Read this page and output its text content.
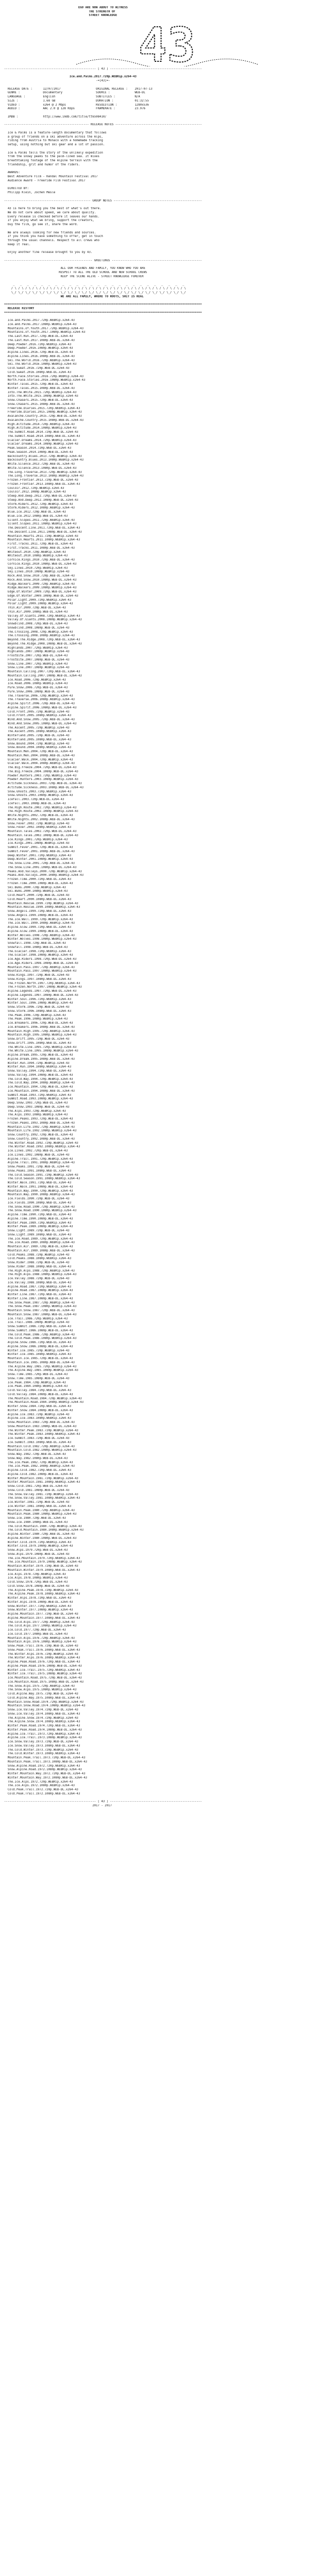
EGO ARE NOW ABOUT TO WITNESS
THE STRENGTH OF
STREET KNOWLEDGE
43
---------------------------------------------------- [ 43 ] ----------------------------------------------------
Ice.and.Palms.2017.720p.WEBRip.x264-43
-=[43]=-
RELEASE DATE :      12/07/2017                    ORIGINAL RELEASE :    2017-07-13
GENRE :             Documentary                   SOURCE :              WEB-DL
LANGUAGE :          English                       SUBTITLES :           N/A
SIZE :              1.68 GB                       DURATION :            01:32:55
VIDEO :             x264 @ 2 Mbps                 RESOLUTION :          1280x536
AUDIO :             AAC 2.0 @ 128 Kbps            FRAMERATE :           23.976
IMDB :              http://www.imdb.com/title/tt6598410/
------------------------------------------------ RELEASE NOTES -------------------------------------------------
Ice & Palms is a feature-length documentary that follows
a group of friends on a ski adventure across the Alps,
riding from Austria to Monaco with a homemade tracking
setup, using nothing but ski gear and a lot of passion.

Ice & Palms tells the story of the unlikely expedition
from the snowy peaks to the palm-lined sea. It mixes
breathtaking footage of the Alpine terrain with the
friendship, grit and humor of the riders.

AWARDS:
Best Adventure Film - Kendal Mountain Festival 2017
Audience Award - Freeride Film Festival 2017

DIRECTED BY:
Philipp Klein, Jochen Mesle
------------------------------------------------- GROUP NOTES --------------------------------------------------
43 is here to bring you the best of what's out there.
We do not care about speed, we care about quality.
Every release is checked before it leaves our hands.
If you enjoy what we bring, support the creators,
buy the film, go see it, share the word.

We are always looking for new friends and sources.
If you think you have something to offer, get in touch
through the usual channels. Respect to all crews who
keep it real.

Enjoy another fine release brought to you by 43.
-------------------------------------------------- GREETINGS ---------------------------------------------------
ALL OUR FRIENDS AND FAMILY, YOU KNOW WHO YOU ARE
RESPECT TO ALL THE OLD SCHOOL AND NEW SCHOOL CREWS
KEEP THE SCENE ALIVE - STREET KNOWLEDGE FOREVER
_   _   _   _   _   _   _   _   _   _   _   _   _   _   _   _   _   _   _   _   _   _   _   _   _
/ \ / \ / \ / \ / \ / \ / \ / \ / \ / \ / \ / \ / \ / \ / \ / \ / \ / \ / \ / \ / \ / \ / \ / \ / \
\_/ \_/ \_/ \_/ \_/ \_/ \_/ \_/ \_/ \_/ \_/ \_/ \_/ \_/ \_/ \_/ \_/ \_/ \_/ \_/ \_/ \_/ \_/ \_/ \_/
WE ARE ALL FAMILY, WHERE TO ROOTS, SHIT IS REAL
================================================================================================================
RELEASE HISTORY
================================================================================================================
Ice.and.Palms.2017.720p.WEBRip.x264-43
Ice.and.Palms.2017.1080p.WEBRip.x264-43
Mountains.of.Youth.2017.720p.WEBRip.x264-43
Mountains.of.Youth.2017.1080p.WEBRip.x264-43
The.Last.Run.2017.720p.WEB-DL.x264-43
The.Last.Run.2017.1080p.WEB-DL.x264-43
Deep.Powder.2016.720p.WEBRip.x264-43
Deep.Powder.2016.1080p.WEBRip.x264-43
Alpine.Lines.2016.720p.WEB-DL.x264-43
Alpine.Lines.2016.1080p.WEB-DL.x264-43
Ski.The.World.2016.720p.WEBRip.x264-43
Ski.The.World.2016.1080p.WEBRip.x264-43
Cold.Sweat.2016.720p.WEB-DL.x264-43
Cold.Sweat.2016.1080p.WEB-DL.x264-43
North.Face.Stories.2016.720p.WEBRip.x264-43
North.Face.Stories.2016.1080p.WEBRip.x264-43
Winter.Tales.2015.720p.WEB-DL.x264-43
Winter.Tales.2015.1080p.WEB-DL.x264-43
Into.The.White.2015.720p.WEBRip.x264-43
Into.The.White.2015.1080p.WEBRip.x264-43
Snow.Chasers.2015.720p.WEB-DL.x264-43
Snow.Chasers.2015.1080p.WEB-DL.x264-43
Freeride.Diaries.2015.720p.WEBRip.x264-43
Freeride.Diaries.2015.1080p.WEBRip.x264-43
Avalanche.Country.2015.720p.WEB-DL.x264-43
Avalanche.Country.2015.1080p.WEB-DL.x264-43
High.Altitude.2014.720p.WEBRip.x264-43
High.Altitude.2014.1080p.WEBRip.x264-43
The.Summit.Road.2014.720p.WEB-DL.x264-43
The.Summit.Road.2014.1080p.WEB-DL.x264-43
Glacier.Dreams.2014.720p.WEBRip.x264-43
Glacier.Dreams.2014.1080p.WEBRip.x264-43
Peak.Season.2014.720p.WEB-DL.x264-43
Peak.Season.2014.1080p.WEB-DL.x264-43
Backcountry.Blues.2013.720p.WEBRip.x264-43
Backcountry.Blues.2013.1080p.WEBRip.x264-43
White.Silence.2013.720p.WEB-DL.x264-43
White.Silence.2013.1080p.WEB-DL.x264-43
The.Long.Traverse.2013.720p.WEBRip.x264-43
The.Long.Traverse.2013.1080p.WEBRip.x264-43
Frozen.Frontier.2013.720p.WEB-DL.x264-43
Frozen.Frontier.2013.1080p.WEB-DL.x264-43
Couloir.2012.720p.WEBRip.x264-43
Couloir.2012.1080p.WEBRip.x264-43
Steep.And.Deep.2012.720p.WEB-DL.x264-43
Steep.And.Deep.2012.1080p.WEB-DL.x264-43
Storm.Riders.2012.720p.WEBRip.x264-43
Storm.Riders.2012.1080p.WEBRip.x264-43
Blue.Ice.2012.720p.WEB-DL.x264-43
Blue.Ice.2012.1080p.WEB-DL.x264-43
Silent.Slopes.2011.720p.WEBRip.x264-43
Silent.Slopes.2011.1080p.WEBRip.x264-43
The.Descent.Line.2011.720p.WEB-DL.x264-43
The.Descent.Line.2011.1080p.WEB-DL.x264-43
Mountain.Hearts.2011.720p.WEBRip.x264-43
Mountain.Hearts.2011.1080p.WEBRip.x264-43
First.Tracks.2011.720p.WEB-DL.x264-43
First.Tracks.2011.1080p.WEB-DL.x264-43
Whiteout.2010.720p.WEBRip.x264-43
Whiteout.2010.1080p.WEBRip.x264-43
Cornice.Kings.2010.720p.WEB-DL.x264-43
Cornice.Kings.2010.1080p.WEB-DL.x264-43
Sky.Lines.2010.720p.WEBRip.x264-43
Sky.Lines.2010.1080p.WEBRip.x264-43
Rock.And.Snow.2010.720p.WEB-DL.x264-43
Rock.And.Snow.2010.1080p.WEB-DL.x264-43
Ridge.Walkers.2009.720p.WEBRip.x264-43
Ridge.Walkers.2009.1080p.WEBRip.x264-43
Edge.Of.Winter.2009.720p.WEB-DL.x264-43
Edge.Of.Winter.2009.1080p.WEB-DL.x264-43
Polar.Light.2009.720p.WEBRip.x264-43
Polar.Light.2009.1080p.WEBRip.x264-43
Thin.Air.2009.720p.WEB-DL.x264-43
Thin.Air.2009.1080p.WEB-DL.x264-43
Valley.Of.Giants.2008.720p.WEBRip.x264-43
Valley.Of.Giants.2008.1080p.WEBRip.x264-43
Snowblind.2008.720p.WEB-DL.x264-43
Snowblind.2008.1080p.WEB-DL.x264-43
The.Crossing.2008.720p.WEBRip.x264-43
The.Crossing.2008.1080p.WEBRip.x264-43
Beyond.The.Ridge.2008.720p.WEB-DL.x264-43
Beyond.The.Ridge.2008.1080p.WEB-DL.x264-43
Highlands.2007.720p.WEBRip.x264-43
Highlands.2007.1080p.WEBRip.x264-43
Frostbite.2007.720p.WEB-DL.x264-43
Frostbite.2007.1080p.WEB-DL.x264-43
Snow.Line.2007.720p.WEBRip.x264-43
Snow.Line.2007.1080p.WEBRip.x264-43
Mountain.Calling.2007.720p.WEB-DL.x264-43
Mountain.Calling.2007.1080p.WEB-DL.x264-43
Ice.Road.2006.720p.WEBRip.x264-43
Ice.Road.2006.1080p.WEBRip.x264-43
Pure.Snow.2006.720p.WEB-DL.x264-43
Pure.Snow.2006.1080p.WEB-DL.x264-43
The.Traverse.2006.720p.WEBRip.x264-43
The.Traverse.2006.1080p.WEBRip.x264-43
Alpine.Spirit.2006.720p.WEB-DL.x264-43
Alpine.Spirit.2006.1080p.WEB-DL.x264-43
Cold.Front.2005.720p.WEBRip.x264-43
Cold.Front.2005.1080p.WEBRip.x264-43
Wind.And.Snow.2005.720p.WEB-DL.x264-43
Wind.And.Snow.2005.1080p.WEB-DL.x264-43
The.Ascent.2005.720p.WEBRip.x264-43
The.Ascent.2005.1080p.WEBRip.x264-43
Winterland.2005.720p.WEB-DL.x264-43
Winterland.2005.1080p.WEB-DL.x264-43
Snow.Bound.2004.720p.WEBRip.x264-43
Snow.Bound.2004.1080p.WEBRip.x264-43
Mountain.Men.2004.720p.WEB-DL.x264-43
Mountain.Men.2004.1080p.WEB-DL.x264-43
Glacier.Walk.2004.720p.WEBRip.x264-43
Glacier.Walk.2004.1080p.WEBRip.x264-43
The.Big.Freeze.2004.720p.WEB-DL.x264-43
The.Big.Freeze.2004.1080p.WEB-DL.x264-43
Powder.Hunters.2003.720p.WEBRip.x264-43
Powder.Hunters.2003.1080p.WEBRip.x264-43
Altitude.Sickness.2003.720p.WEB-DL.x264-43
Altitude.Sickness.2003.1080p.WEB-DL.x264-43
Snow.Ghosts.2003.720p.WEBRip.x264-43
Snow.Ghosts.2003.1080p.WEBRip.x264-43
Icefall.2003.720p.WEB-DL.x264-43
Icefall.2003.1080p.WEB-DL.x264-43
The.High.Route.2002.720p.WEBRip.x264-43
The.High.Route.2002.1080p.WEBRip.x264-43
White.Nights.2002.720p.WEB-DL.x264-43
White.Nights.2002.1080p.WEB-DL.x264-43
Snow.Fever.2002.720p.WEBRip.x264-43
Snow.Fever.2002.1080p.WEBRip.x264-43
Mountain.Tales.2002.720p.WEB-DL.x264-43
Mountain.Tales.2002.1080p.WEB-DL.x264-43
Ice.Kings.2001.720p.WEBRip.x264-43
Ice.Kings.2001.1080p.WEBRip.x264-43
Summit.Fever.2001.720p.WEB-DL.x264-43
Summit.Fever.2001.1080p.WEB-DL.x264-43
Deep.Winter.2001.720p.WEBRip.x264-43
Deep.Winter.2001.1080p.WEBRip.x264-43
The.Snow.Line.2001.720p.WEB-DL.x264-43
The.Snow.Line.2001.1080p.WEB-DL.x264-43
Peaks.And.Valleys.2000.720p.WEBRip.x264-43
Peaks.And.Valleys.2000.1080p.WEBRip.x264-43
Frozen.Time.2000.720p.WEB-DL.x264-43
Frozen.Time.2000.1080p.WEB-DL.x264-43
Ski.Bums.2000.720p.WEBRip.x264-43
Ski.Bums.2000.1080p.WEBRip.x264-43
Cold.Heart.2000.720p.WEB-DL.x264-43
Cold.Heart.2000.1080p.WEB-DL.x264-43
Mountain.Rescue.1999.720p.WEBRip.x264-43
Mountain.Rescue.1999.1080p.WEBRip.x264-43
Snow.Angels.1999.720p.WEB-DL.x264-43
Snow.Angels.1999.1080p.WEB-DL.x264-43
The.Ice.Wall.1999.720p.WEBRip.x264-43
The.Ice.Wall.1999.1080p.WEBRip.x264-43
Alpine.Glow.1999.720p.WEB-DL.x264-43
Alpine.Glow.1999.1080p.WEB-DL.x264-43
Winter.Wolves.1998.720p.WEBRip.x264-43
Winter.Wolves.1998.1080p.WEBRip.x264-43
Snowfall.1998.720p.WEB-DL.x264-43
Snowfall.1998.1080p.WEB-DL.x264-43
The.Glacier.1998.720p.WEBRip.x264-43
The.Glacier.1998.1080p.WEBRip.x264-43
Ice.Age.Riders.1998.720p.WEB-DL.x264-43
Ice.Age.Riders.1998.1080p.WEB-DL.x264-43
Mountain.Pass.1997.720p.WEBRip.x264-43
Mountain.Pass.1997.1080p.WEBRip.x264-43
Snow.Kings.1997.720p.WEB-DL.x264-43
Snow.Kings.1997.1080p.WEB-DL.x264-43
The.Frozen.North.1997.720p.WEBRip.x264-43
The.Frozen.North.1997.1080p.WEBRip.x264-43
Alpine.Legends.1997.720p.WEB-DL.x264-43
Alpine.Legends.1997.1080p.WEB-DL.x264-43
Winter.Soul.1996.720p.WEBRip.x264-43
Winter.Soul.1996.1080p.WEBRip.x264-43
Snow.Storm.1996.720p.WEB-DL.x264-43
Snow.Storm.1996.1080p.WEB-DL.x264-43
The.Peak.1996.720p.WEBRip.x264-43
The.Peak.1996.1080p.WEBRip.x264-43
Ice.Breakers.1996.720p.WEB-DL.x264-43
Ice.Breakers.1996.1080p.WEB-DL.x264-43
Mountain.High.1995.720p.WEBRip.x264-43
Mountain.High.1995.1080p.WEBRip.x264-43
Snow.Drift.1995.720p.WEB-DL.x264-43
Snow.Drift.1995.1080p.WEB-DL.x264-43
The.White.Line.1995.720p.WEBRip.x264-43
The.White.Line.1995.1080p.WEBRip.x264-43
Alpine.Dream.1995.720p.WEB-DL.x264-43
Alpine.Dream.1995.1080p.WEB-DL.x264-43
Winter.Run.1994.720p.WEBRip.x264-43
Winter.Run.1994.1080p.WEBRip.x264-43
Snow.Valley.1994.720p.WEB-DL.x264-43
Snow.Valley.1994.1080p.WEB-DL.x264-43
The.Cold.Way.1994.720p.WEBRip.x264-43
The.Cold.Way.1994.1080p.WEBRip.x264-43
Ice.Mountain.1994.720p.WEB-DL.x264-43
Ice.Mountain.1994.1080p.WEB-DL.x264-43
Summit.Road.1993.720p.WEBRip.x264-43
Summit.Road.1993.1080p.WEBRip.x264-43
Deep.Snow.1993.720p.WEB-DL.x264-43
Deep.Snow.1993.1080p.WEB-DL.x264-43
The.Alps.1993.720p.WEBRip.x264-43
The.Alps.1993.1080p.WEBRip.x264-43
Frozen.Peaks.1993.720p.WEB-DL.x264-43
Frozen.Peaks.1993.1080p.WEB-DL.x264-43
Mountain.Life.1992.720p.WEBRip.x264-43
Mountain.Life.1992.1080p.WEBRip.x264-43
Snow.Country.1992.720p.WEB-DL.x264-43
Snow.Country.1992.1080p.WEB-DL.x264-43
The.Winter.Road.1992.720p.WEBRip.x264-43
The.Winter.Road.1992.1080p.WEBRip.x264-43
Ice.Lines.1992.720p.WEB-DL.x264-43
Ice.Lines.1992.1080p.WEB-DL.x264-43
Alpine.Trail.1991.720p.WEBRip.x264-43
Alpine.Trail.1991.1080p.WEBRip.x264-43
Snow.Peaks.1991.720p.WEB-DL.x264-43
Snow.Peaks.1991.1080p.WEB-DL.x264-43
The.Cold.Season.1991.720p.WEBRip.x264-43
The.Cold.Season.1991.1080p.WEBRip.x264-43
Winter.Walk.1991.720p.WEB-DL.x264-43
Winter.Walk.1991.1080p.WEB-DL.x264-43
Mountain.Way.1990.720p.WEBRip.x264-43
Mountain.Way.1990.1080p.WEBRip.x264-43
Ice.Fields.1990.720p.WEB-DL.x264-43
Ice.Fields.1990.1080p.WEB-DL.x264-43
The.Snow.Road.1990.720p.WEBRip.x264-43
The.Snow.Road.1990.1080p.WEBRip.x264-43
Alpine.Time.1990.720p.WEB-DL.x264-43
Alpine.Time.1990.1080p.WEB-DL.x264-43
Winter.Peak.1989.720p.WEBRip.x264-43
Winter.Peak.1989.1080p.WEBRip.x264-43
Snow.Light.1989.720p.WEB-DL.x264-43
Snow.Light.1989.1080p.WEB-DL.x264-43
The.Ice.Road.1989.720p.WEBRip.x264-43
The.Ice.Road.1989.1080p.WEBRip.x264-43
Mountain.Air.1989.720p.WEB-DL.x264-43
Mountain.Air.1989.1080p.WEB-DL.x264-43
Cold.Peaks.1988.720p.WEBRip.x264-43
Cold.Peaks.1988.1080p.WEBRip.x264-43
Snow.Rider.1988.720p.WEB-DL.x264-43
Snow.Rider.1988.1080p.WEB-DL.x264-43
The.High.Alps.1988.720p.WEBRip.x264-43
The.High.Alps.1988.1080p.WEBRip.x264-43
Ice.Valley.1988.720p.WEB-DL.x264-43
Ice.Valley.1988.1080p.WEB-DL.x264-43
Alpine.Road.1987.720p.WEBRip.x264-43
Alpine.Road.1987.1080p.WEBRip.x264-43
Winter.Line.1987.720p.WEB-DL.x264-43
Winter.Line.1987.1080p.WEB-DL.x264-43
The.Snow.Peak.1987.720p.WEBRip.x264-43
The.Snow.Peak.1987.1080p.WEBRip.x264-43
Mountain.Snow.1987.720p.WEB-DL.x264-43
Mountain.Snow.1987.1080p.WEB-DL.x264-43
Ice.Trail.1986.720p.WEBRip.x264-43
Ice.Trail.1986.1080p.WEBRip.x264-43
Snow.Summit.1986.720p.WEB-DL.x264-43
Snow.Summit.1986.1080p.WEB-DL.x264-43
The.Cold.Peak.1986.720p.WEBRip.x264-43
The.Cold.Peak.1986.1080p.WEBRip.x264-43
Alpine.Snow.1986.720p.WEB-DL.x264-43
Alpine.Snow.1986.1080p.WEB-DL.x264-43
Winter.Ice.1985.720p.WEBRip.x264-43
Winter.Ice.1985.1080p.WEBRip.x264-43
Mountain.Ice.1985.720p.WEB-DL.x264-43
Mountain.Ice.1985.1080p.WEB-DL.x264-43
The.Alpine.Way.1985.720p.WEBRip.x264-43
The.Alpine.Way.1985.1080p.WEBRip.x264-43
Snow.Time.1985.720p.WEB-DL.x264-43
Snow.Time.1985.1080p.WEB-DL.x264-43
Ice.Peak.1984.720p.WEBRip.x264-43
Ice.Peak.1984.1080p.WEBRip.x264-43
Cold.Valley.1984.720p.WEB-DL.x264-43
Cold.Valley.1984.1080p.WEB-DL.x264-43
The.Mountain.Road.1984.720p.WEBRip.x264-43
The.Mountain.Road.1984.1080p.WEBRip.x264-43
Winter.Snow.1984.720p.WEB-DL.x264-43
Winter.Snow.1984.1080p.WEB-DL.x264-43
Alpine.Ice.1983.720p.WEBRip.x264-43
Alpine.Ice.1983.1080p.WEBRip.x264-43
Snow.Mountain.1983.720p.WEB-DL.x264-43
Snow.Mountain.1983.1080p.WEB-DL.x264-43
The.Winter.Peak.1983.720p.WEBRip.x264-43
The.Winter.Peak.1983.1080p.WEBRip.x264-43
Ice.Summit.1983.720p.WEB-DL.x264-43
Ice.Summit.1983.1080p.WEB-DL.x264-43
Mountain.Cold.1982.720p.WEBRip.x264-43
Mountain.Cold.1982.1080p.WEBRip.x264-43
Snow.Way.1982.720p.WEB-DL.x264-43
Snow.Way.1982.1080p.WEB-DL.x264-43
The.Ice.Peak.1982.720p.WEBRip.x264-43
The.Ice.Peak.1982.1080p.WEBRip.x264-43
Alpine.Cold.1982.720p.WEB-DL.x264-43
Alpine.Cold.1982.1080p.WEB-DL.x264-43
Winter.Mountain.1981.720p.WEBRip.x264-43
Winter.Mountain.1981.1080p.WEBRip.x264-43
Snow.Cold.1981.720p.WEB-DL.x264-43
Snow.Cold.1981.1080p.WEB-DL.x264-43
The.Snow.Valley.1981.720p.WEBRip.x264-43
The.Snow.Valley.1981.1080p.WEBRip.x264-43
Ice.Winter.1981.720p.WEB-DL.x264-43
Ice.Winter.1981.1080p.WEB-DL.x264-43
Mountain.Peak.1980.720p.WEBRip.x264-43
Mountain.Peak.1980.1080p.WEBRip.x264-43
Snow.Ice.1980.720p.WEB-DL.x264-43
Snow.Ice.1980.1080p.WEB-DL.x264-43
The.Cold.Mountain.1980.720p.WEBRip.x264-43
The.Cold.Mountain.1980.1080p.WEBRip.x264-43
Alpine.Winter.1980.720p.WEB-DL.x264-43
Alpine.Winter.1980.1080p.WEB-DL.x264-43
Winter.Cold.1979.720p.WEBRip.x264-43
Winter.Cold.1979.1080p.WEBRip.x264-43
Snow.Alps.1979.720p.WEB-DL.x264-43
Snow.Alps.1979.1080p.WEB-DL.x264-43
The.Ice.Mountain.1979.720p.WEBRip.x264-43
The.Ice.Mountain.1979.1080p.WEBRip.x264-43
Mountain.Winter.1979.720p.WEB-DL.x264-43
Mountain.Winter.1979.1080p.WEB-DL.x264-43
Ice.Alps.1978.720p.WEBRip.x264-43
Ice.Alps.1978.1080p.WEBRip.x264-43
Cold.Snow.1978.720p.WEB-DL.x264-43
Cold.Snow.1978.1080p.WEB-DL.x264-43
The.Alpine.Peak.1978.720p.WEBRip.x264-43
The.Alpine.Peak.1978.1080p.WEBRip.x264-43
Winter.Alps.1978.720p.WEB-DL.x264-43
Winter.Alps.1978.1080p.WEB-DL.x264-43
Snow.Winter.1977.720p.WEBRip.x264-43
Snow.Winter.1977.1080p.WEBRip.x264-43
Alpine.Mountain.1977.720p.WEB-DL.x264-43
Alpine.Mountain.1977.1080p.WEB-DL.x264-43
The.Cold.Alps.1977.720p.WEBRip.x264-43
The.Cold.Alps.1977.1080p.WEBRip.x264-43
Ice.Cold.1977.720p.WEB-DL.x264-43
Ice.Cold.1977.1080p.WEB-DL.x264-43
Mountain.Alps.1976.720p.WEBRip.x264-43
Mountain.Alps.1976.1080p.WEBRip.x264-43
Snow.Peak.Trail.1976.720p.WEB-DL.x264-43
Snow.Peak.Trail.1976.1080p.WEB-DL.x264-43
The.Winter.Alps.1976.720p.WEBRip.x264-43
The.Winter.Alps.1976.1080p.WEBRip.x264-43
Alpine.Peak.Road.1976.720p.WEB-DL.x264-43
Alpine.Peak.Road.1976.1080p.WEB-DL.x264-43
Winter.Ice.Trail.1975.720p.WEBRip.x264-43
Winter.Ice.Trail.1975.1080p.WEBRip.x264-43
Ice.Mountain.Road.1975.720p.WEB-DL.x264-43
Ice.Mountain.Road.1975.1080p.WEB-DL.x264-43
The.Snow.Alps.1975.720p.WEBRip.x264-43
The.Snow.Alps.1975.1080p.WEBRip.x264-43
Cold.Alpine.Way.1975.720p.WEB-DL.x264-43
Cold.Alpine.Way.1975.1080p.WEB-DL.x264-43
Mountain.Snow.Road.1974.720p.WEBRip.x264-43
Mountain.Snow.Road.1974.1080p.WEBRip.x264-43
Snow.Ice.Valley.1974.720p.WEB-DL.x264-43
Snow.Ice.Valley.1974.1080p.WEB-DL.x264-43
The.Alpine.Snow.1974.720p.WEBRip.x264-43
The.Alpine.Snow.1974.1080p.WEBRip.x264-43
Winter.Peak.Road.1974.720p.WEB-DL.x264-43
Winter.Peak.Road.1974.1080p.WEB-DL.x264-43
Alpine.Ice.Trail.1973.720p.WEBRip.x264-43
Alpine.Ice.Trail.1973.1080p.WEBRip.x264-43
Ice.Snow.Valley.1973.720p.WEB-DL.x264-43
Ice.Snow.Valley.1973.1080p.WEB-DL.x264-43
The.Cold.Winter.1973.720p.WEBRip.x264-43
The.Cold.Winter.1973.1080p.WEBRip.x264-43
Mountain.Peak.Trail.1973.720p.WEB-DL.x264-43
Mountain.Peak.Trail.1973.1080p.WEB-DL.x264-43
Snow.Alpine.Road.1972.720p.WEBRip.x264-43
Snow.Alpine.Road.1972.1080p.WEBRip.x264-43
Winter.Mountain.Way.1972.720p.WEB-DL.x264-43
Winter.Mountain.Way.1972.1080p.WEB-DL.x264-43
The.Ice.Alps.1972.720p.WEBRip.x264-43
The.Ice.Alps.1972.1080p.WEBRip.x264-43
Cold.Peak.Trail.1972.720p.WEB-DL.x264-43
Cold.Peak.Trail.1972.1080p.WEB-DL.x264-43
---------------------------------------------------- [ 43 ] ----------------------------------------------------
2017 - 2017
